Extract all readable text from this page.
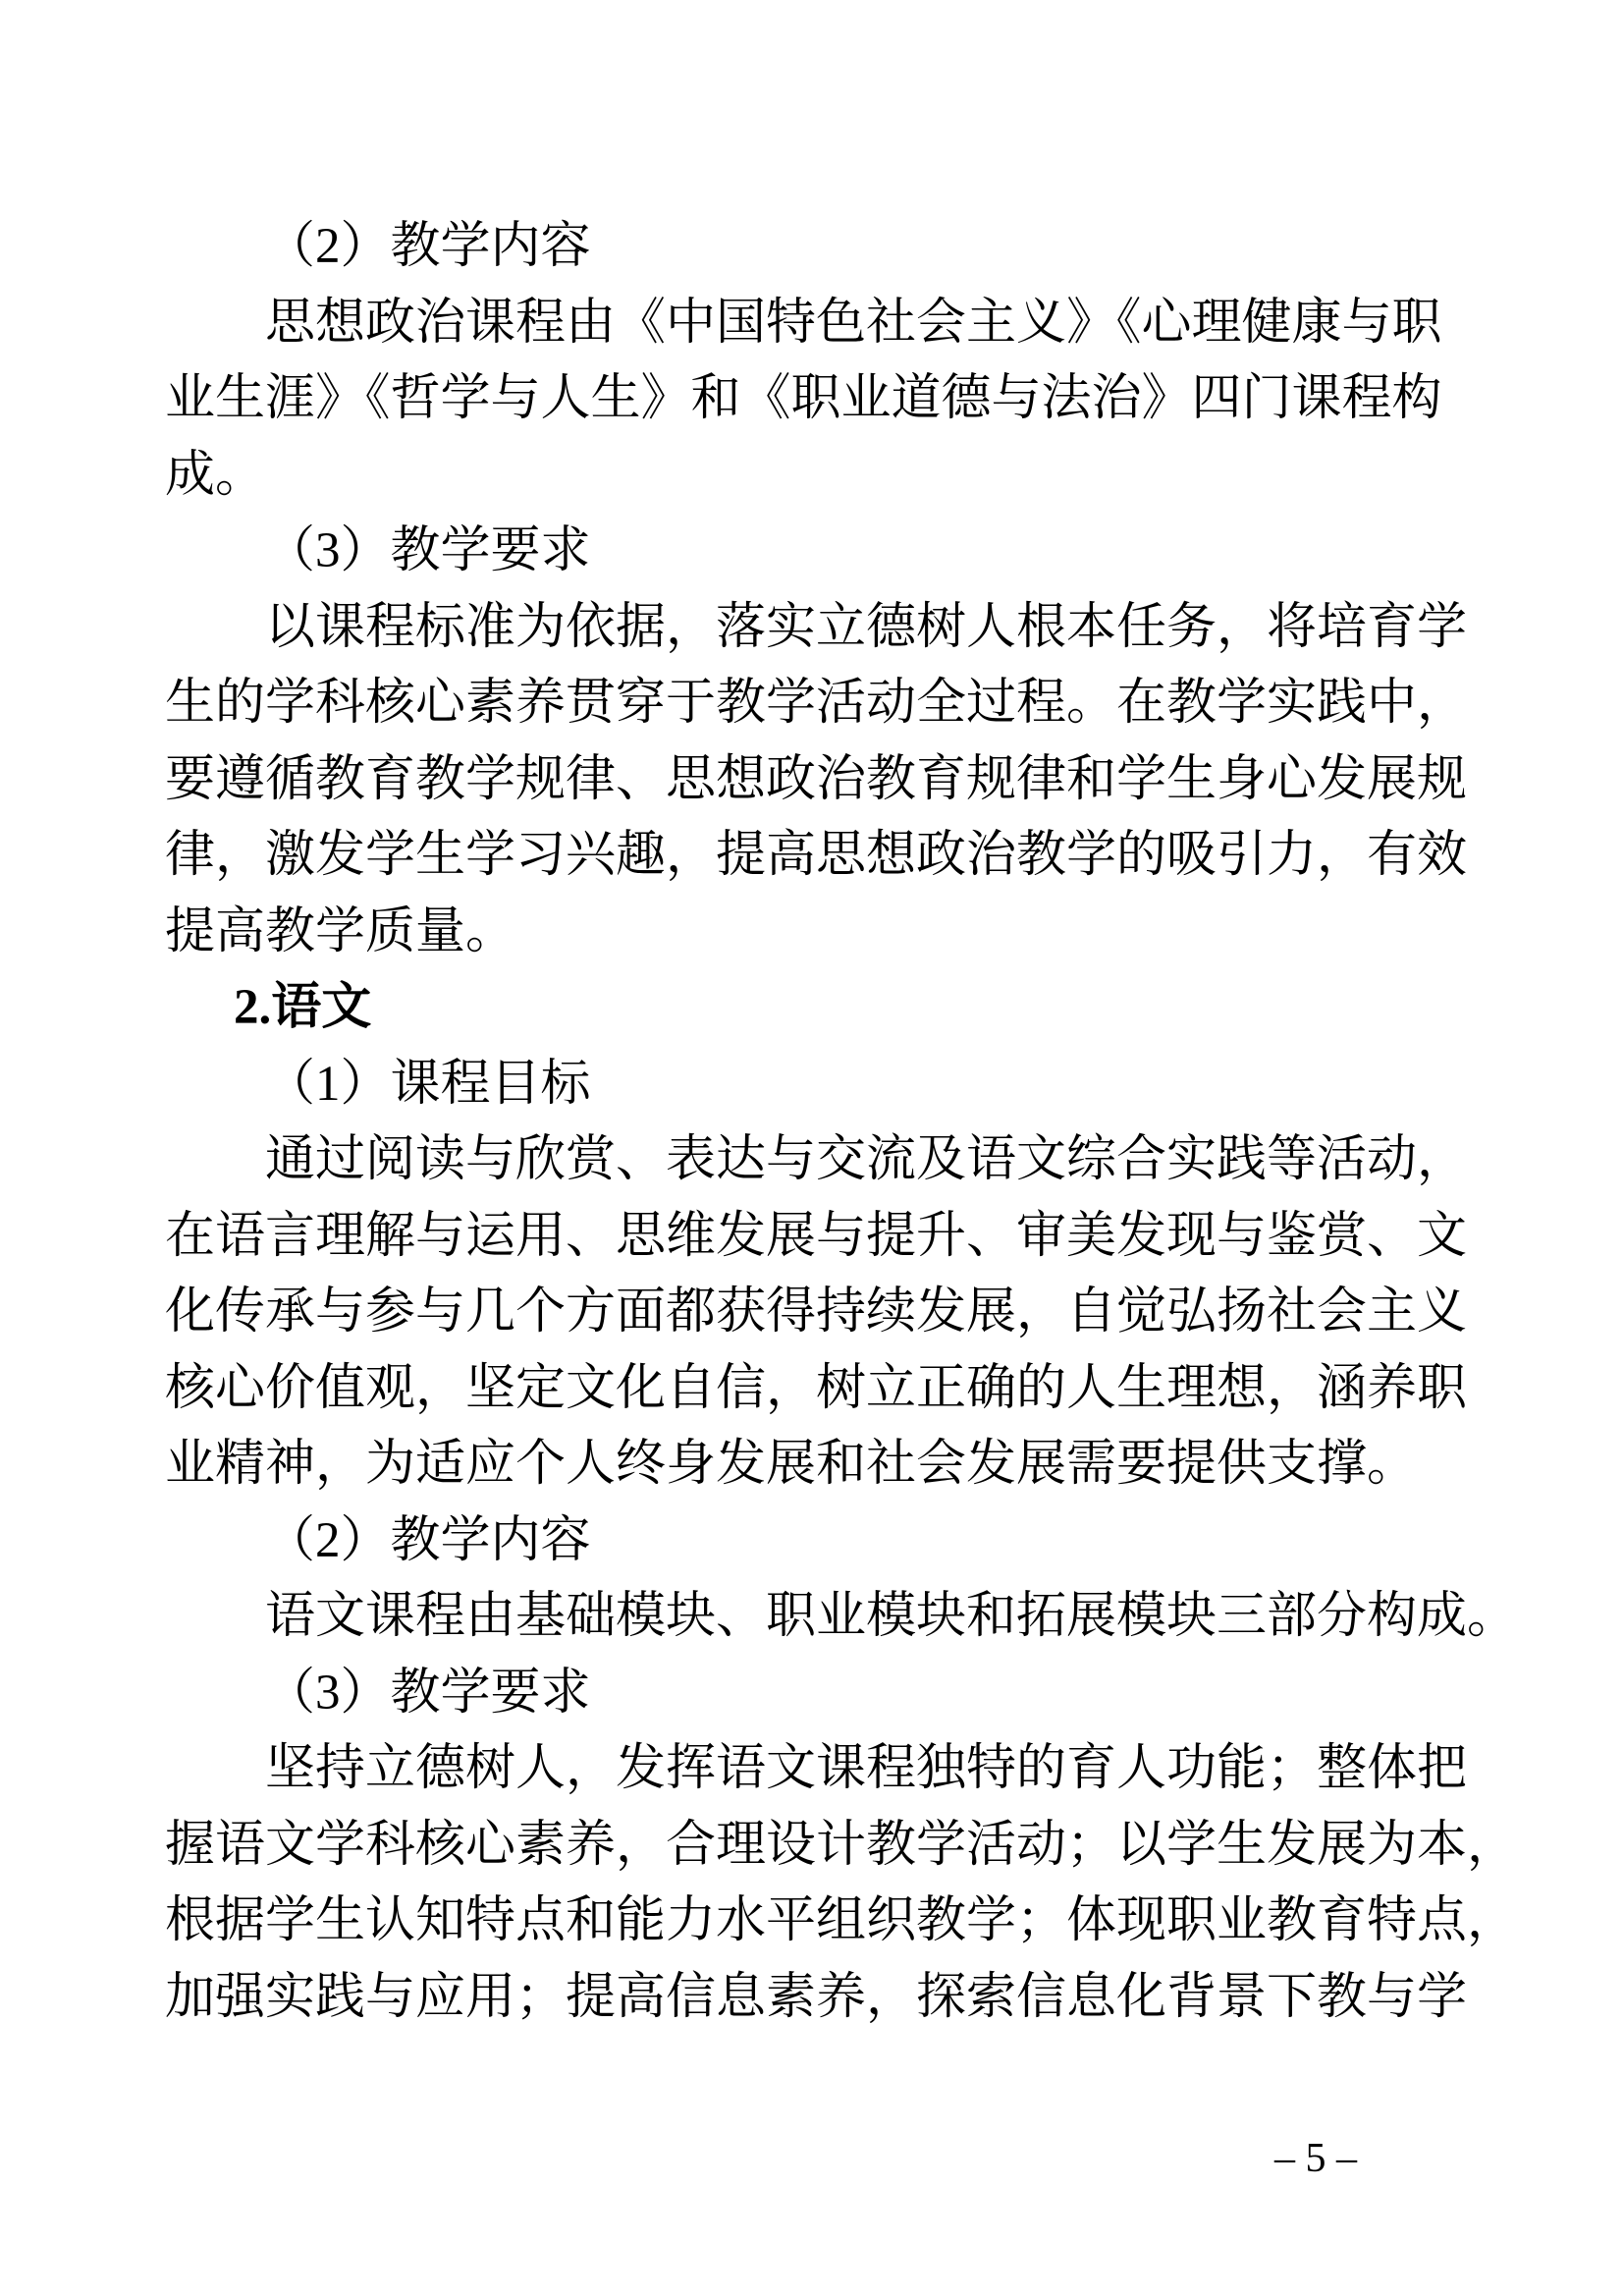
（2）教学内容
思想政治课程由《中国特色社会主义》《心理健康与职
业生涯》《哲学与人生》和《职业道德与法治》四门课程构
成。
（3）教学要求
以课程标准为依据，落实立德树人根本任务，将培育学
生的学科核心素养贯穿于教学活动全过程。在教学实践中，
要遵循教育教学规律、思想政治教育规律和学生身心发展规
律，激发学生学习兴趣，提高思想政治教学的吸引力，有效
提高教学质量。
2.语文
（1）课程目标
通过阅读与欣赏、表达与交流及语文综合实践等活动，
在语言理解与运用、思维发展与提升、审美发现与鉴赏、文
化传承与参与几个方面都获得持续发展，自觉弘扬社会主义
核心价值观，坚定文化自信，树立正确的人生理想，涵养职
业精神，为适应个人终身发展和社会发展需要提供支撑。
（2）教学内容
语文课程由基础模块、职业模块和拓展模块三部分构成。
（3）教学要求
坚持立德树人，发挥语文课程独特的育人功能；整体把
握语文学科核心素养，合理设计教学活动；以学生发展为本，
根据学生认知特点和能力水平组织教学；体现职业教育特点，
加强实践与应用；提高信息素养，探索信息化背景下教与学
– 5 –
